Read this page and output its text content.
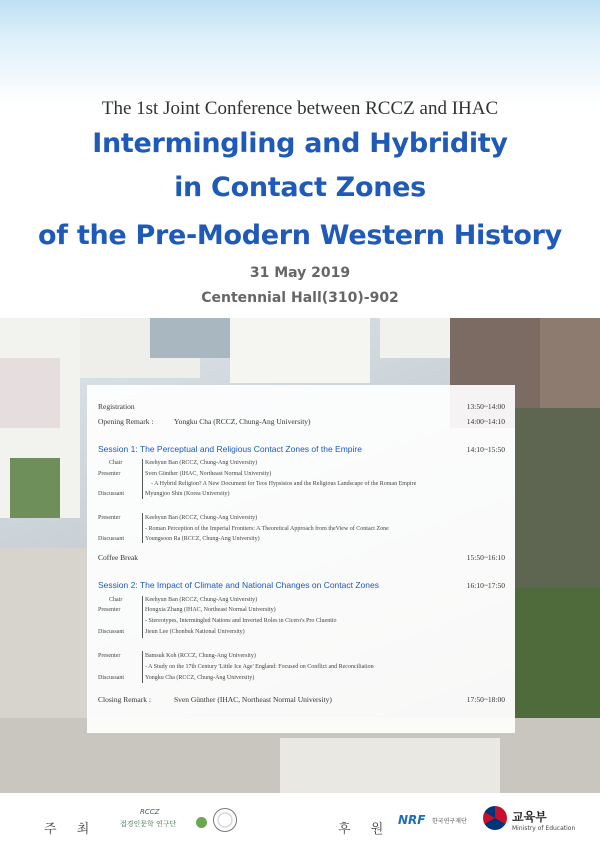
The 1st Joint Conference between RCCZ and IHAC
Intermingling and Hybridity
in Contact Zones
of the Pre-Modern Western History
31 May 2019
Centennial Hall(310)-902
Registration	13:50~14:00
Opening Remark :	Yongku Cha (RCCZ, Chung-Ang University)	14:00~14:10
Session 1: The Perceptual and Religious Contact Zones of the Empire	14:10~15:50
Chair	Keehyun Ban (RCCZ, Chung-Ang University)
Presenter	Sven Günther (IHAC, Northeast Normal University)
- A Hybrid Religion? A New Document for Teos Hypsistos and the Religious Landscape of the Roman Empire
Discussant	Myungjoo Shin (Korea University)
Presenter	Keehyun Ban (RCCZ, Chung-Ang University)
- Roman Perception of the Imperial Frontiers: A Theoretical Approach from theView of Contact Zone
Discussant	Youngsoon Ra (RCCZ, Chung-Ang University)
Coffee Break	15:50~16:10
Session 2: The Impact of Climate and National Changes on Contact Zones	16:10~17:50
Chair	Keehyun Ban (RCCZ, Chung-Ang University)
Presenter	Hongxia Zhang (IHAC, Northeast Normal University)
- Stereotypes, Intermingled Nations and Inverted Roles in Cicero's Pro Cluentio
Discussant	Jieun Lee (Chonbuk National University)
Presenter	Bamsuk Koh (RCCZ, Chung-Ang University)
- A Study on the 17th Century 'Little Ice Age' England: Focused on Conflict and Reconciliation
Discussant	Yongku Cha (RCCZ, Chung-Ang University)
Closing Remark :	Sven Günther (IHAC, Northeast Normal University)	17:50~18:00
주 최
RCCZ
접경인문학 연구단	후 원
NRF 한국연구재단	교육부
Ministry of Education
